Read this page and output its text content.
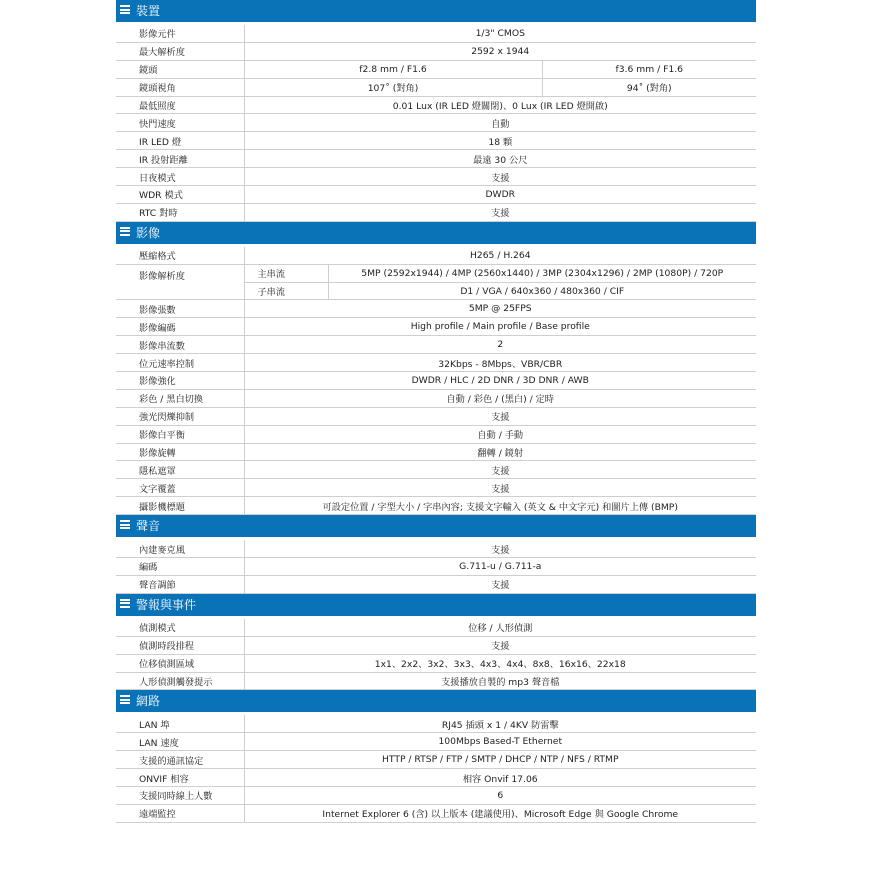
裝置

影像元件	1/3" CMOS	
最大解析度	2592 x 1944	
鏡頭	f2.8 mm / F1.6	f3.6 mm / F1.6
鏡頭視角	107˚ (對角)	94˚ (對角)
最低照度	0.01 Lux (IR LED 燈關閉)、0 Lux (IR LED 燈開啟)	
快門速度	自動	
IR LED 燈	18 顆	
IR 投射距離	最遠 30 公尺	
日夜模式	支援	
WDR 模式	DWDR	
RTC 對時	支援	
影像

壓縮格式	H265 / H.264	
影像解析度	主串流	5MP (2592x1944) / 4MP (2560x1440) / 3MP (2304x1296) / 2MP (1080P) / 720P
	子串流	D1 / VGA / 640x360 / 480x360 / CIF
影像張數	5MP @ 25FPS	
影像編碼	High profile / Main profile / Base profile	
影像串流數	2	
位元速率控制	32Kbps - 8Mbps、VBR/CBR	
影像強化	DWDR / HLC / 2D DNR / 3D DNR / AWB	
彩色 / 黑白切換	自動 / 彩色 / (黑白) / 定時	
強光閃爍抑制	支援	
影像白平衡	自動 / 手動	
影像旋轉	翻轉 / 鏡射	
隱私遮罩	支援	
文字覆蓋	支援	
攝影機標題	可設定位置 / 字型大小 / 字串內容; 支援文字輸入 (英文 & 中文字元) 和圖片上傳 (BMP)	
聲音

內建麥克風	支援
編碼	G.711-u / G.711-a
聲音調節	支援
警報與事件

偵測模式	位移 / 人形偵測
偵測時段排程	支援
位移偵測區域	1x1、2x2、3x2、3x3、4x3、4x4、8x8、16x16、22x18
人形偵測觸發提示	支援播放自製的 mp3 聲音檔
網路

LAN 埠	RJ45 插頭 x 1 / 4KV 防雷擊
LAN 速度	100Mbps Based-T Ethernet
支援的通訊協定	HTTP / RTSP / FTP / SMTP / DHCP / NTP / NFS / RTMP
ONVIF 相容	相容 Onvif 17.06
支援同時線上人數	6
遠端監控	Internet Explorer 6 (含) 以上版本 (建議使用)、Microsoft Edge 與 Google Chrome
